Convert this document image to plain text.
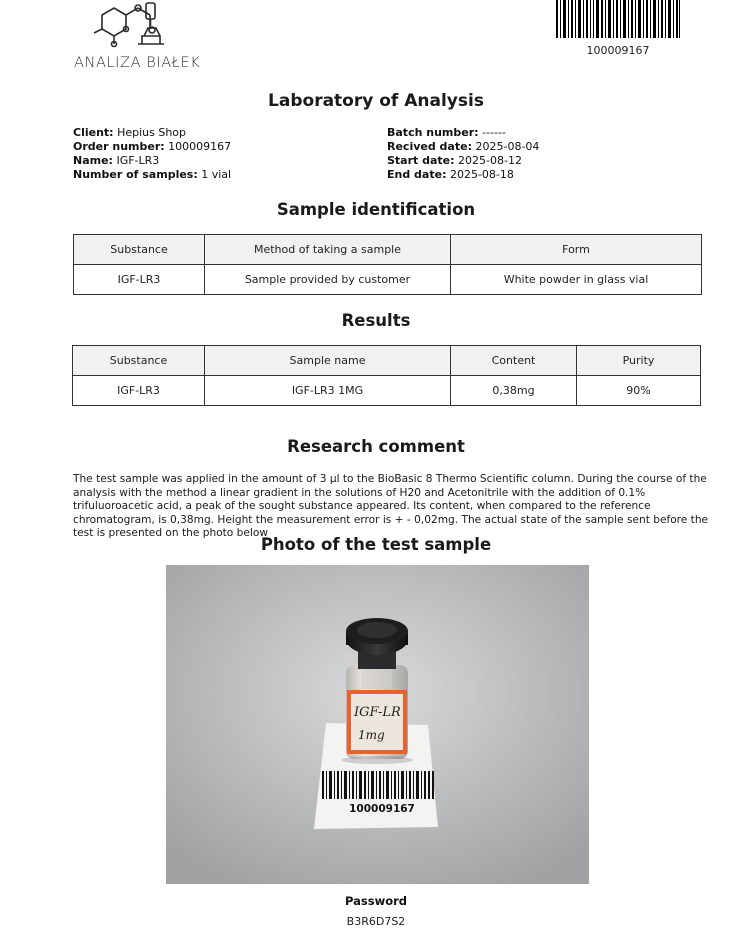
ANALIZA BIAŁEK
100009167
Laboratory of Analysis
Client: Hepius Shop
Order number: 100009167
Name: IGF-LR3
Number of samples: 1 vial
Batch number: ------
Recived date: 2025-08-04
Start date: 2025-08-12
End date: 2025-08-18
Sample identification
Substance	Method of taking a sample	Form
IGF-LR3	Sample provided by customer	White powder in glass vial
Results
Substance	Sample name	Content	Purity
IGF-LR3	IGF-LR3 1MG	0,38mg	90%
Research comment
The test sample was applied in the amount of 3 µl to the BioBasic 8 Thermo Scientific column. During the course of the analysis with the method a linear gradient in the solutions of H20 and Acetonitrile with the addition of 0.1% trifuluoroacetic acid, a peak of the sought substance appeared. Its content, when compared to the reference chromatogram, is 0,38mg. Height the measurement error is + - 0,02mg. The actual state of the sample sent before the test is presented on the photo below
Photo of the test sample
100009167
IGF-LR
1mg
Password
B3R6D7S2
